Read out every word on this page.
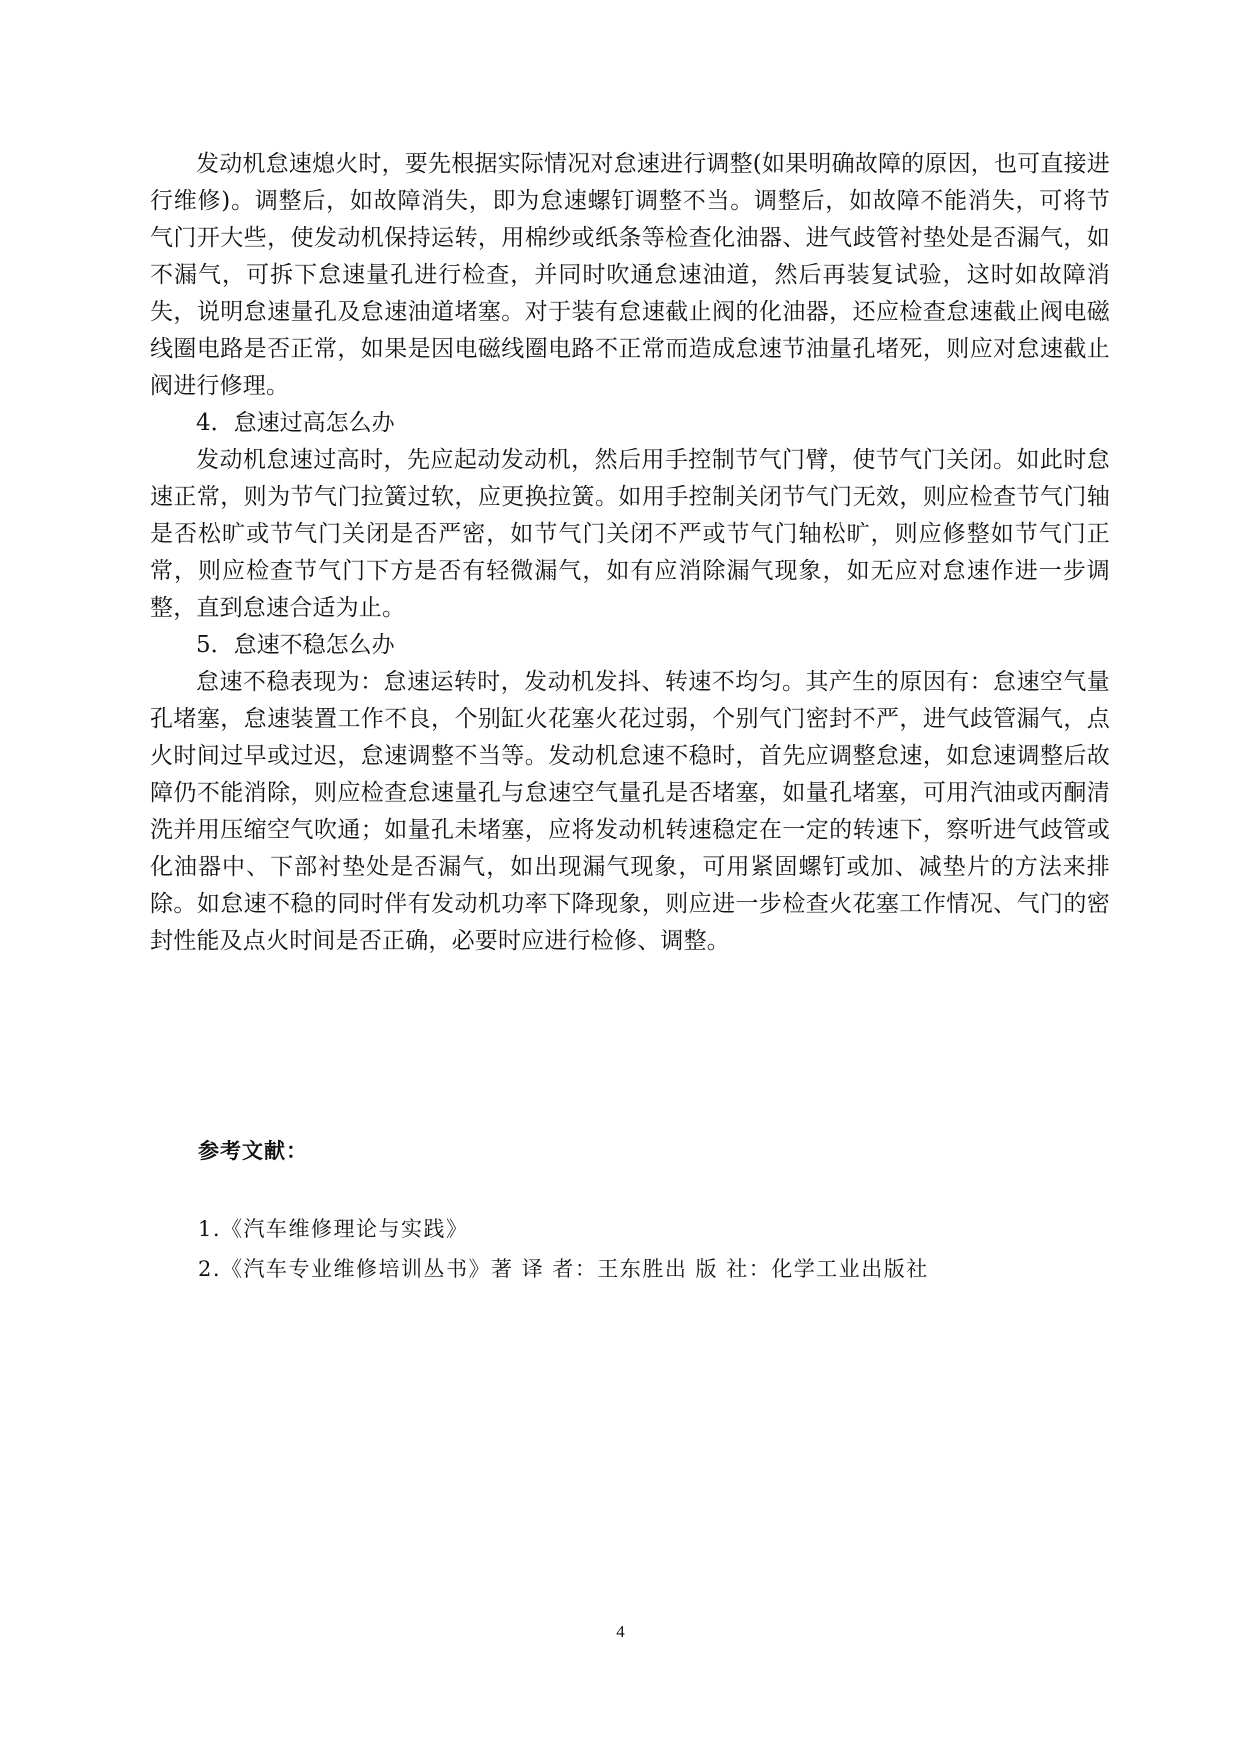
发动机怠速熄火时，要先根据实际情况对怠速进行调整(如果明确故障的原因，也可直接进行维修)。调整后，如故障消失，即为怠速螺钉调整不当。调整后，如故障不能消失，可将节气门开大些，使发动机保持运转，用棉纱或纸条等检查化油器、进气歧管衬垫处是否漏气，如不漏气，可拆下怠速量孔进行检查，并同时吹通怠速油道，然后再装复试验，这时如故障消失，说明怠速量孔及怠速油道堵塞。对于装有怠速截止阀的化油器，还应检查怠速截止阀电磁线圈电路是否正常，如果是因电磁线圈电路不正常而造成怠速节油量孔堵死，则应对怠速截止阀进行修理。

4．怠速过高怎么办

发动机怠速过高时，先应起动发动机，然后用手控制节气门臂，使节气门关闭。如此时怠速正常，则为节气门拉簧过软，应更换拉簧。如用手控制关闭节气门无效，则应检查节气门轴是否松旷或节气门关闭是否严密，如节气门关闭不严或节气门轴松旷，则应修整如节气门正常，则应检查节气门下方是否有轻微漏气，如有应消除漏气现象，如无应对怠速作进一步调整，直到怠速合适为止。

5．怠速不稳怎么办

怠速不稳表现为：怠速运转时，发动机发抖、转速不均匀。其产生的原因有：怠速空气量孔堵塞，怠速装置工作不良，个别缸火花塞火花过弱，个别气门密封不严，进气歧管漏气，点火时间过早或过迟，怠速调整不当等。发动机怠速不稳时，首先应调整怠速，如怠速调整后故障仍不能消除，则应检查怠速量孔与怠速空气量孔是否堵塞，如量孔堵塞，可用汽油或丙酮清洗并用压缩空气吹通；如量孔未堵塞，应将发动机转速稳定在一定的转速下，察听进气歧管或化油器中、下部衬垫处是否漏气，如出现漏气现象，可用紧固螺钉或加、减垫片的方法来排除。如怠速不稳的同时伴有发动机功率下降现象，则应进一步检查火花塞工作情况、气门的密封性能及点火时间是否正确，必要时应进行检修、调整。

参考文献：

1.《汽车维修理论与实践》
2.《汽车专业维修培训丛书》著 译 者：王东胜出 版 社：化学工业出版社
4
